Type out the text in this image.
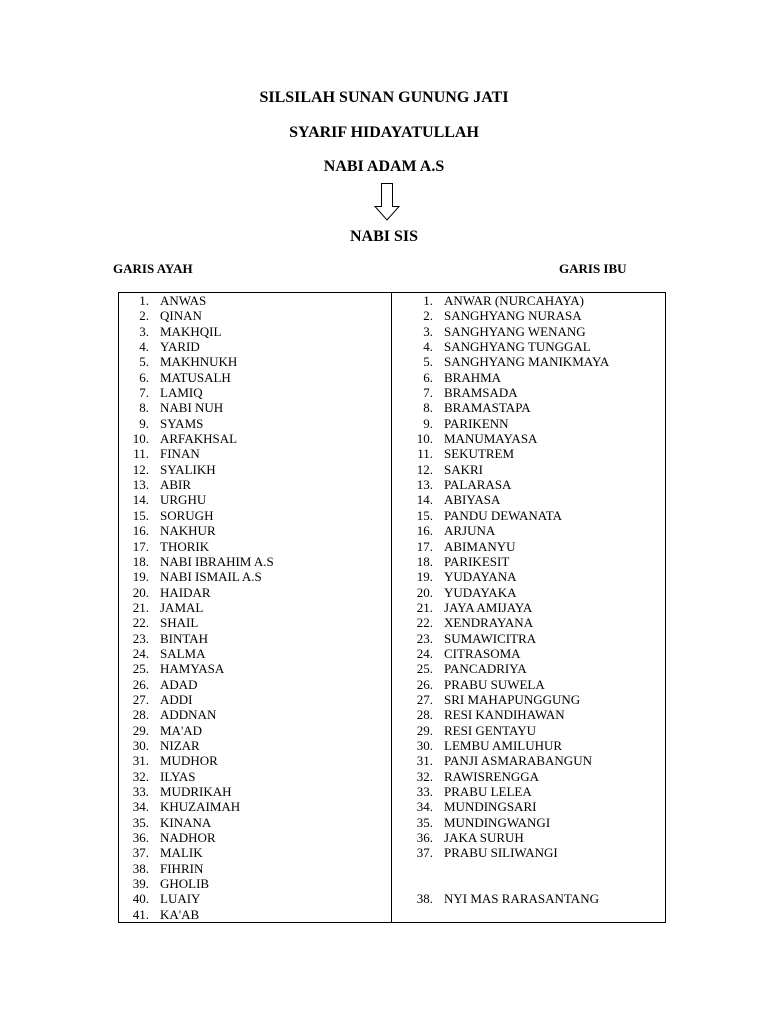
SILSILAH SUNAN GUNUNG JATI
SYARIF HIDAYATULLAH
NABI ADAM A.S
NABI SIS
GARIS AYAH	GARIS IBU
1. ANWAS
2. QINAN
3. MAKHQIL
4. YARID
5. MAKHNUKH
6. MATUSALH
7. LAMIQ
8. NABI NUH
9. SYAMS
10. ARFAKHSAL
11. FINAN
12. SYALIKH
13. ABIR
14. URGHU
15. SORUGH
16. NAKHUR
17. THORIK
18. NABI IBRAHIM A.S
19. NABI ISMAIL A.S
20. HAIDAR
21. JAMAL
22. SHAIL
23. BINTAH
24. SALMA
25. HAMYASA
26. ADAD
27. ADDI
28. ADDNAN
29. MA'AD
30. NIZAR
31. MUDHOR
32. ILYAS
33. MUDRIKAH
34. KHUZAIMAH
35. KINANA
36. NADHOR
37. MALIK
38. FIHRIN
39. GHOLIB
40. LUAIY
41. KA'AB
1. ANWAR (NURCAHAYA)
2. SANGHYANG NURASA
3. SANGHYANG WENANG
4. SANGHYANG TUNGGAL
5. SANGHYANG MANIKMAYA
6. BRAHMA
7. BRAMSADA
8. BRAMASTAPA
9. PARIKENN
10. MANUMAYASA
11. SEKUTREM
12. SAKRI
13. PALARASA
14. ABIYASA
15. PANDU DEWANATA
16. ARJUNA
17. ABIMANYU
18. PARIKESIT
19. YUDAYANA
20. YUDAYAKA
21. JAYA AMIJAYA
22. XENDRAYANA
23. SUMAWICITRA
24. CITRASOMA
25. PANCADRIYA
26. PRABU SUWELA
27. SRI MAHAPUNGGUNG
28. RESI KANDIHAWAN
29. RESI GENTAYU
30. LEMBU AMILUHUR
31. PANJI ASMARABANGUN
32. RAWISRENGGA
33. PRABU LELEA
34. MUNDINGSARI
35. MUNDINGWANGI
36. JAKA SURUH
37. PRABU SILIWANGI
38. NYI MAS RARASANTANG
